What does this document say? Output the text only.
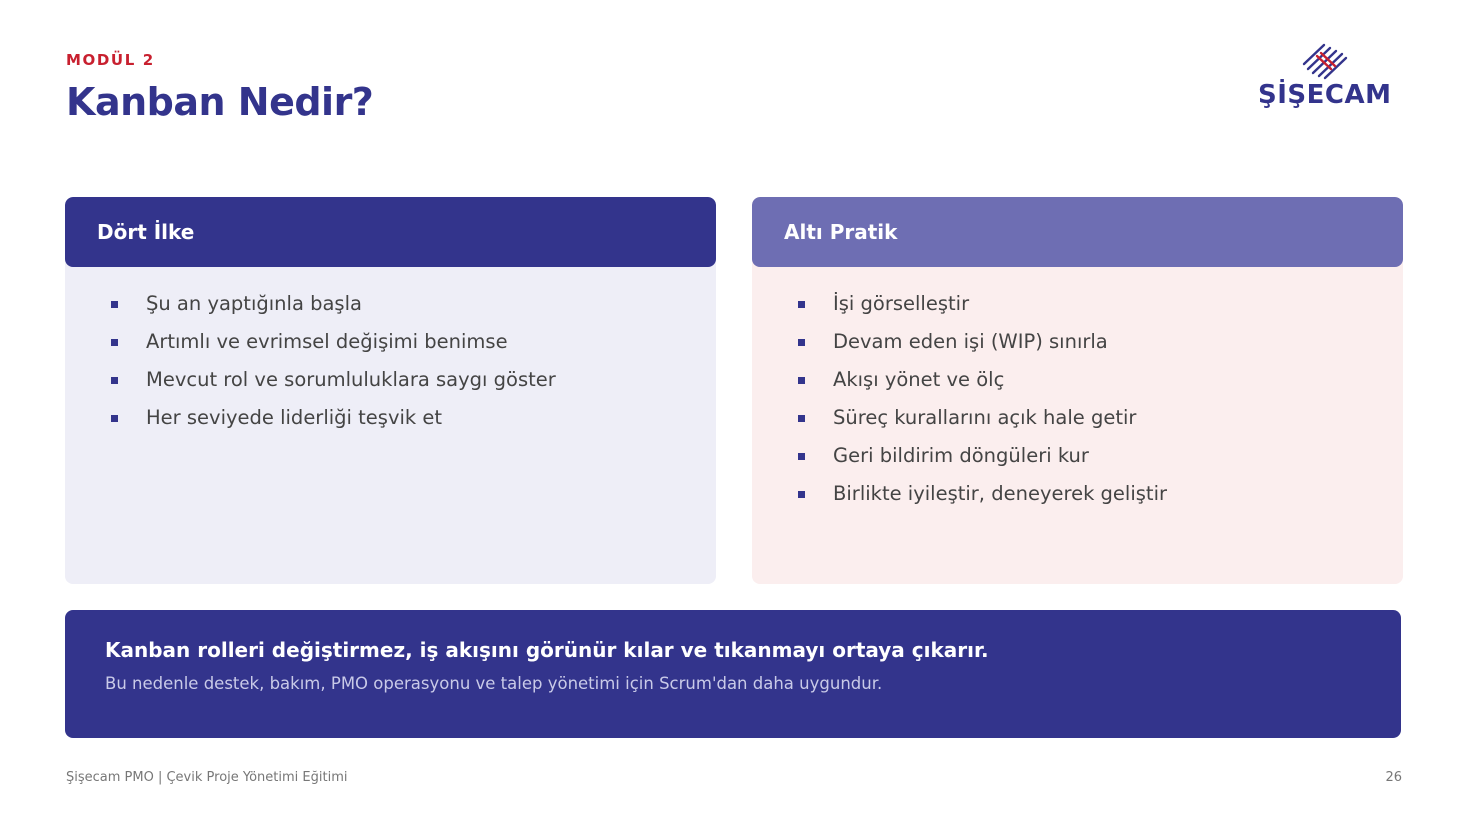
MODÜL 2
Kanban Nedir?	ŞİŞECAM
Dört İlke
Şu an yaptığınla başla
Artımlı ve evrimsel değişimi benimse
Mevcut rol ve sorumluluklara saygı göster
Her seviyede liderliği teşvik et
Altı Pratik
İşi görselleştir
Devam eden işi (WIP) sınırla
Akışı yönet ve ölç
Süreç kurallarını açık hale getir
Geri bildirim döngüleri kur
Birlikte iyileştir, deneyerek geliştir
Kanban rolleri değiştirmez, iş akışını görünür kılar ve tıkanmayı ortaya çıkarır.
Bu nedenle destek, bakım, PMO operasyonu ve talep yönetimi için Scrum'dan daha uygundur.
Şişecam PMO | Çevik Proje Yönetimi Eğitimi	26
